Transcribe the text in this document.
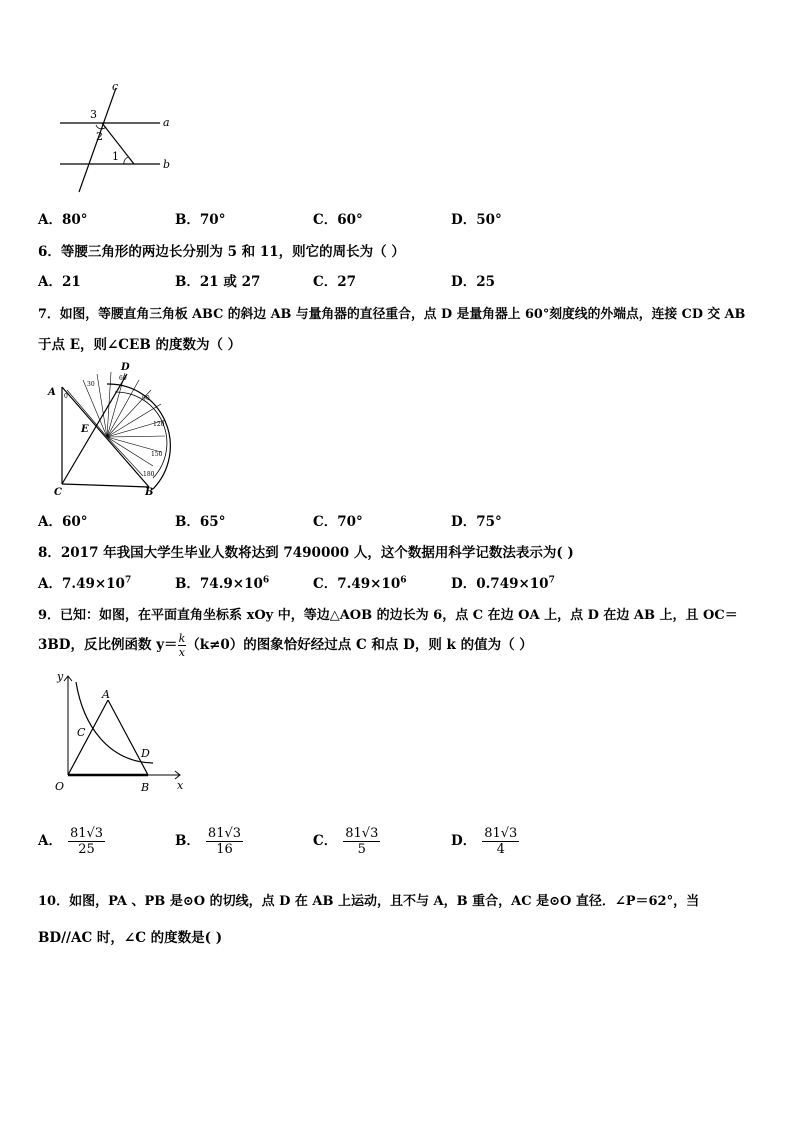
c
a
b
3
2
1
A．80°	B．70°	C．60°	D．50°
6．等腰三角形的两边长分别为 5 和 11，则它的周长为（ ）
A．21	B．21 或 27	C．27	D．25
7．如图，等腰直角三角板 ABC 的斜边 AB 与量角器的直径重合，点 D 是量角器上 60°刻度线的外端点，连接 CD 交 AB
于点 E，则∠CEB 的度数为（ ）
A
D
E
C	B
0
30
60
90
120
150
180
A．60°	B．65°	C．70°	D．75°
8．2017 年我国大学生毕业人数将达到 7490000 人，这个数据用科学记数法表示为( )
A．$7.49\times 10^7$	B．$74.9\times 10^6$	C．$7.49\times 10^6$	D．$0.749\times 10^7$
9．已知：如图，在平面直角坐标系 xOy 中，等边△AOB 的边长为 6，点 C 在边 OA 上，点 D 在边 AB 上，且 OC＝
3BD，反比例函数 $y= \frac{k}{x} (k\ne 0)$的图象恰好经过点 C 和点 D，则 k 的值为（ ）
y
x
O
A
B
C
D
A． $\frac{81√3}{25}$	B． $\frac{81√3}{16}$	C． $\frac{81√3}{5}$	D． $\frac{81√3}{4}$
10．如图，PA 、PB 是⊙O 的切线，点 D 在 AB 上运动，且不与 A，B 重合，AC 是⊙O 直径．∠P＝62°，当
BD//AC 时，∠C 的度数是( )
